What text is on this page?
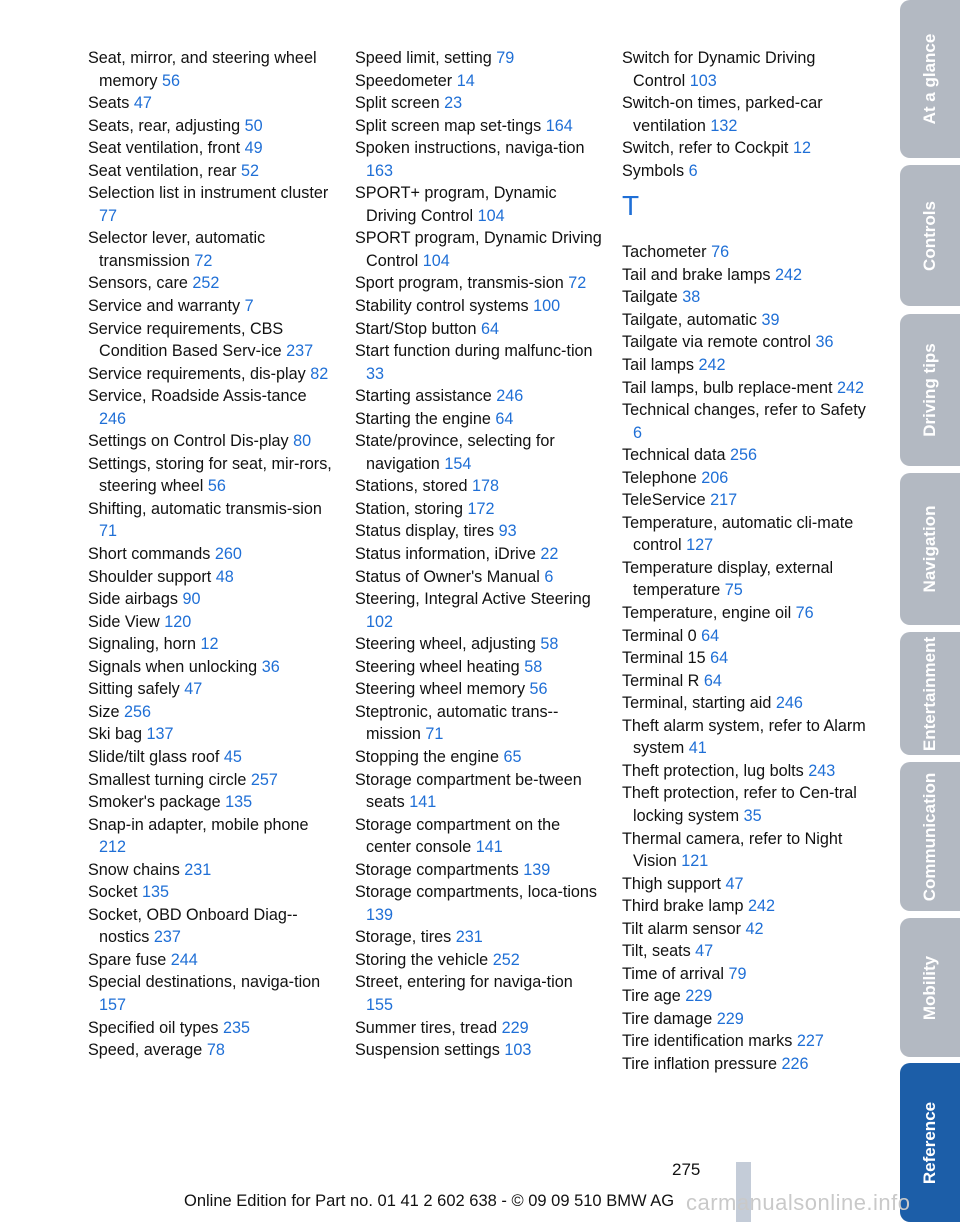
Seat, mirror, and steering wheel memory 56
Seats 47
Seats, rear, adjusting 50
Seat ventilation, front 49
Seat ventilation, rear 52
Selection list in instrument cluster 77
Selector lever, automatic transmission 72
Sensors, care 252
Service and warranty 7
Service requirements, CBS Condition Based Serv-ice 237
Service requirements, dis-play 82
Service, Roadside Assis-tance 246
Settings on Control Dis-play 80
Settings, storing for seat, mir-rors, steering wheel 56
Shifting, automatic transmis-sion 71
Short commands 260
Shoulder support 48
Side airbags 90
Side View 120
Signaling, horn 12
Signals when unlocking 36
Sitting safely 47
Size 256
Ski bag 137
Slide/tilt glass roof 45
Smallest turning circle 257
Smoker's package 135
Snap-in adapter, mobile phone 212
Snow chains 231
Socket 135
Socket, OBD Onboard Diag-nostics 237
Spare fuse 244
Special destinations, naviga-tion 157
Specified oil types 235
Speed, average 78
Speed limit, setting 79
Speedometer 14
Split screen 23
Split screen map set-tings 164
Spoken instructions, naviga-tion 163
SPORT+ program, Dynamic Driving Control 104
SPORT program, Dynamic Driving Control 104
Sport program, transmis-sion 72
Stability control systems 100
Start/Stop button 64
Start function during malfunc-tion 33
Starting assistance 246
Starting the engine 64
State/province, selecting for navigation 154
Stations, stored 178
Station, storing 172
Status display, tires 93
Status information, iDrive 22
Status of Owner's Manual 6
Steering, Integral Active Steering 102
Steering wheel, adjusting 58
Steering wheel heating 58
Steering wheel memory 56
Steptronic, automatic trans-mission 71
Stopping the engine 65
Storage compartment be-tween seats 141
Storage compartment on the center console 141
Storage compartments 139
Storage compartments, loca-tions 139
Storage, tires 231
Storing the vehicle 252
Street, entering for naviga-tion 155
Summer tires, tread 229
Suspension settings 103
Switch for Dynamic Driving Control 103
Switch-on times, parked-car ventilation 132
Switch, refer to Cockpit 12
Symbols 6
T
Tachometer 76
Tail and brake lamps 242
Tailgate 38
Tailgate, automatic 39
Tailgate via remote control 36
Tail lamps 242
Tail lamps, bulb replace-ment 242
Technical changes, refer to Safety 6
Technical data 256
Telephone 206
TeleService 217
Temperature, automatic cli-mate control 127
Temperature display, external temperature 75
Temperature, engine oil 76
Terminal 0 64
Terminal 15 64
Terminal R 64
Terminal, starting aid 246
Theft alarm system, refer to Alarm system 41
Theft protection, lug bolts 243
Theft protection, refer to Cen-tral locking system 35
Thermal camera, refer to Night Vision 121
Thigh support 47
Third brake lamp 242
Tilt alarm sensor 42
Tilt, seats 47
Time of arrival 79
Tire age 229
Tire damage 229
Tire identification marks 227
Tire inflation pressure 226
At a glance
Controls
Driving tips
Navigation
Entertainment
Communication
Mobility
Reference
275
Online Edition for Part no. 01 41 2 602 638 - © 09 09 510 BMW AG carmanualsonline.info
